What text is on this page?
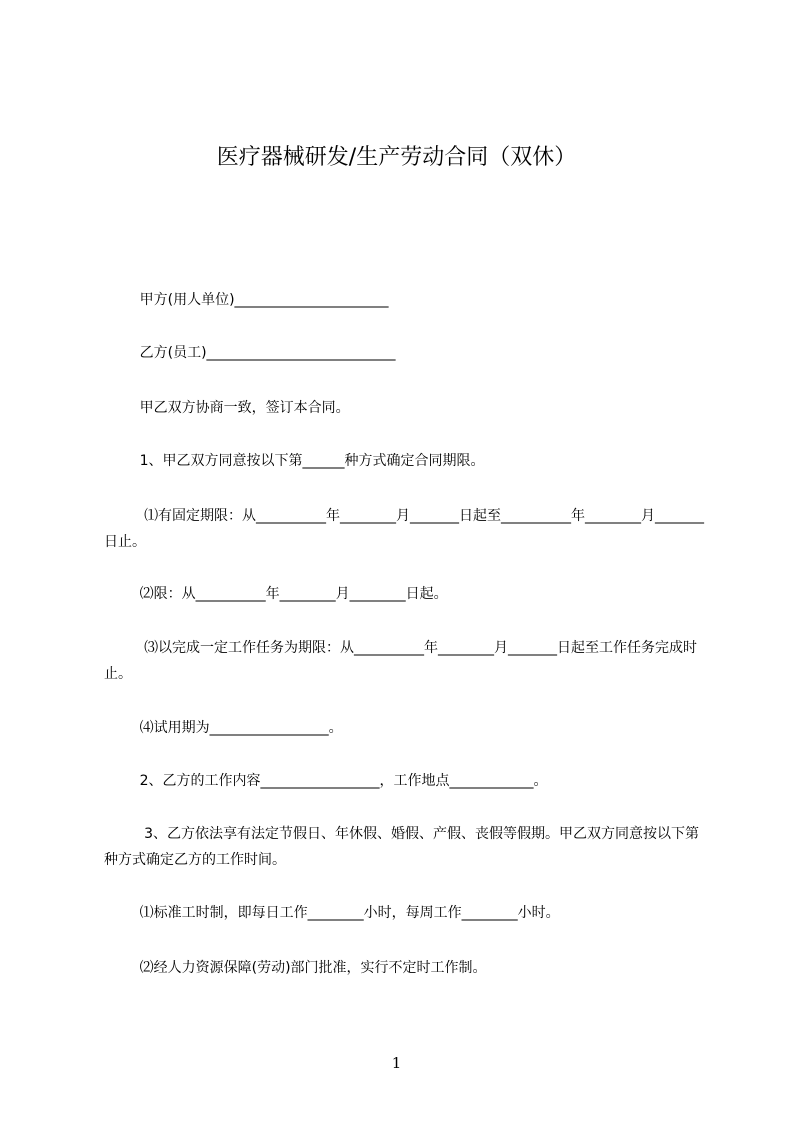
医疗器械研发/生产劳动合同（双休）

甲方(用人单位)______________________

乙方(员工)___________________________

甲乙双方协商一致，签订本合同。

1、甲乙双方同意按以下第______种方式确定合同期限。

⑴有固定期限：从__________年________月_______日起至__________年________月_______日止。

⑵限：从__________年________月________日起。

⑶以完成一定工作任务为期限：从__________年________月_______日起至工作任务完成时止。

⑷试用期为_________________。

2、乙方的工作内容_________________，工作地点____________。

3、乙方依法享有法定节假日、年休假、婚假、产假、丧假等假期。甲乙双方同意按以下第种方式确定乙方的工作时间。

⑴标准工时制，即每日工作________小时，每周工作________小时。

⑵经人力资源保障(劳动)部门批准，实行不定时工作制。

1
